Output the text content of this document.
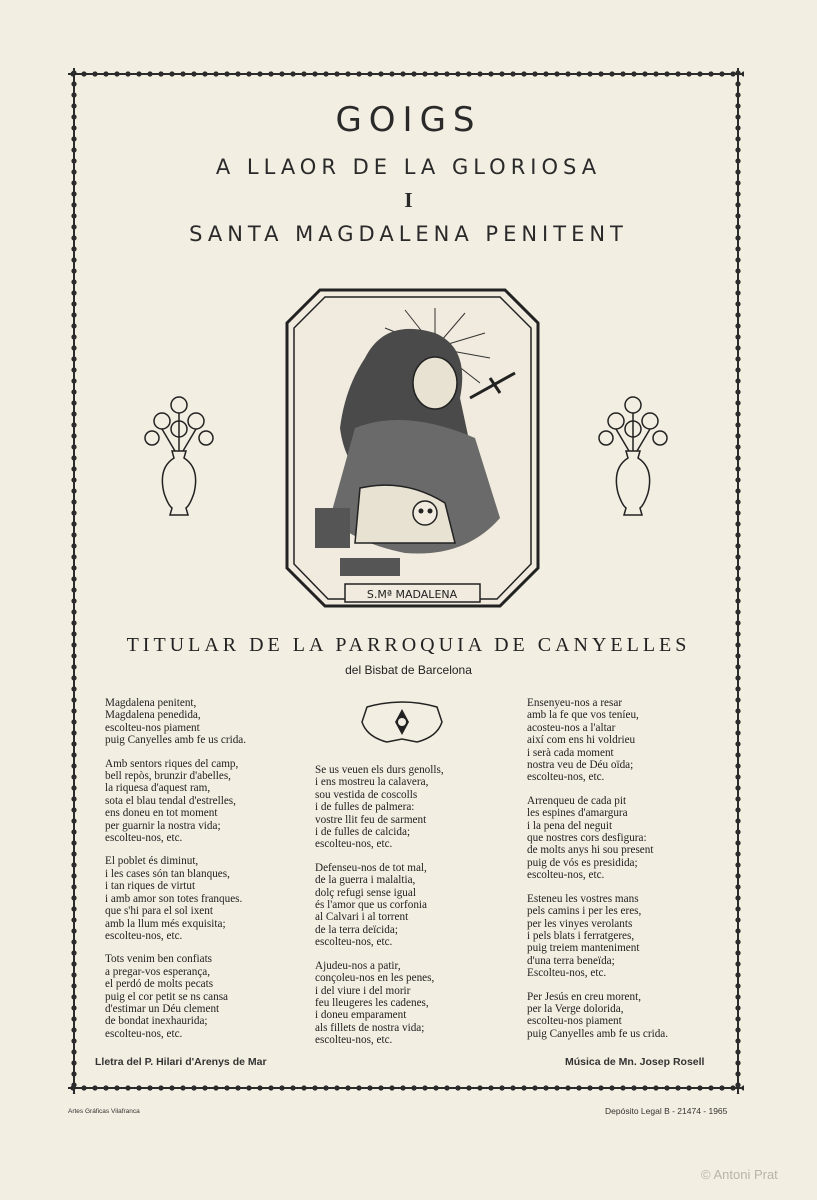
GOIGS
A LLAOR DE LA GLORIOSA
I
SANTA MAGDALENA PENITENT
S.Mª MADALENA
TITULAR DE LA PARROQUIA DE CANYELLES
del Bisbat de Barcelona
Magdalena penitent,
Magdalena penedida,
escolteu-nos piament
puig Canyelles amb fe us crida.
Amb sentors riques del camp,
bell repòs, brunzir d'abelles,
la riquesa d'aquest ram,
sota el blau tendal d'estrelles,
ens doneu en tot moment
per guarnir la nostra vida;
escolteu-nos, etc.
El poblet és diminut,
i les cases són tan blanques,
i tan riques de virtut
i amb amor son totes franques.
que s'hi para el sol ixent
amb la llum més exquisita;
escolteu-nos, etc.
Tots venim ben confiats
a pregar-vos esperança,
el perdó de molts pecats
puig el cor petit se ns cansa
d'estimar un Déu clement
de bondat inexhaurida;
escolteu-nos, etc.
Se us veuen els durs genolls,
i ens mostreu la calavera,
sou vestida de coscolls
i de fulles de palmera:
vostre llit feu de sarment
i de fulles de calcida;
escolteu-nos, etc.
Defenseu-nos de tot mal,
de la guerra i malaltia,
dolç refugi sense igual
és l'amor que us corfonia
al Calvari i al torrent
de la terra deïcida;
escolteu-nos, etc.
Ajudeu-nos a patir,
conçoleu-nos en les penes,
i del viure i del morir
feu lleugeres les cadenes,
i doneu emparament
als fillets de nostra vida;
escolteu-nos, etc.
Ensenyeu-nos a resar
amb la fe que vos teníeu,
acosteu-nos a l'altar
així com ens hi voldrieu
i serà cada moment
nostra veu de Déu oïda;
escolteu-nos, etc.
Arrenqueu de cada pit
les espines d'amargura
i la pena del neguit
que nostres cors desfigura:
de molts anys hi sou present
puig de vós es presidida;
escolteu-nos, etc.
Esteneu les vostres mans
pels camins i per les eres,
per les vinyes verolants
i pels blats i ferratgeres,
puig treiem manteniment
d'una terra beneïda;
Escolteu-nos, etc.
Per Jesús en creu morent,
per la Verge dolorida,
escolteu-nos piament
puig Canyelles amb fe us crida.
Lletra del P. Hilari d'Arenys de Mar	Música de Mn. Josep Rosell
Artes Gráficas Vilafranca	Depósito Legal B - 21474 - 1965
© Antoni Prat
